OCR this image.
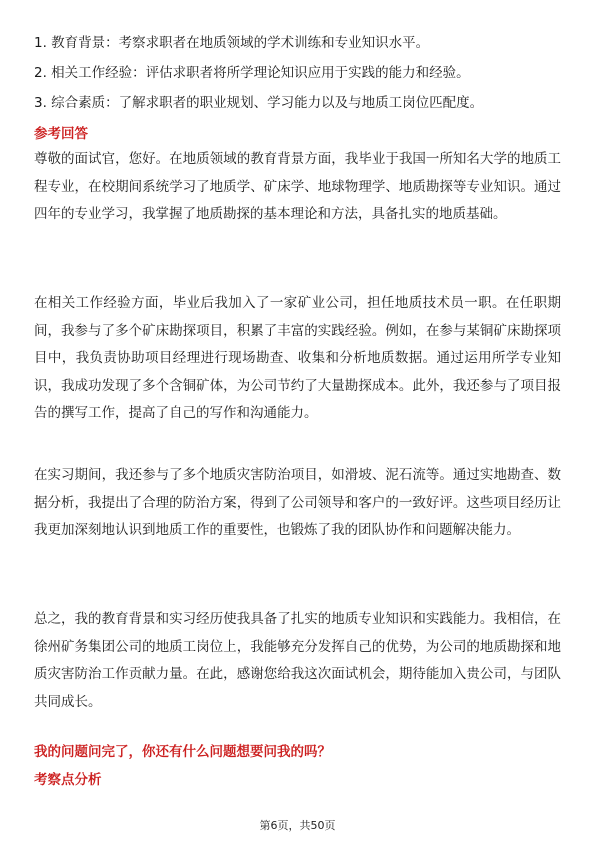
1. 教育背景：考察求职者在地质领域的学术训练和专业知识水平。
2. 相关工作经验：评估求职者将所学理论知识应用于实践的能力和经验。
3. 综合素质：了解求职者的职业规划、学习能力以及与地质工岗位匹配度。
参考回答
尊敬的面试官，您好。在地质领域的教育背景方面，我毕业于我国一所知名大学的地质工程专业，在校期间系统学习了地质学、矿床学、地球物理学、地质勘探等专业知识。通过四年的专业学习，我掌握了地质勘探的基本理论和方法，具备扎实的地质基础。
在相关工作经验方面，毕业后我加入了一家矿业公司，担任地质技术员一职。在任职期间，我参与了多个矿床勘探项目，积累了丰富的实践经验。例如，在参与某铜矿床勘探项目中，我负责协助项目经理进行现场勘查、收集和分析地质数据。通过运用所学专业知识，我成功发现了多个含铜矿体，为公司节约了大量勘探成本。此外，我还参与了项目报告的撰写工作，提高了自己的写作和沟通能力。
在实习期间，我还参与了多个地质灾害防治项目，如滑坡、泥石流等。通过实地勘查、数据分析，我提出了合理的防治方案，得到了公司领导和客户的一致好评。这些项目经历让我更加深刻地认识到地质工作的重要性，也锻炼了我的团队协作和问题解决能力。
总之，我的教育背景和实习经历使我具备了扎实的地质专业知识和实践能力。我相信，在徐州矿务集团公司的地质工岗位上，我能够充分发挥自己的优势，为公司的地质勘探和地质灾害防治工作贡献力量。在此，感谢您给我这次面试机会，期待能加入贵公司，与团队共同成长。
我的问题问完了，你还有什么问题想要问我的吗？
考察点分析
第6页，共50页
